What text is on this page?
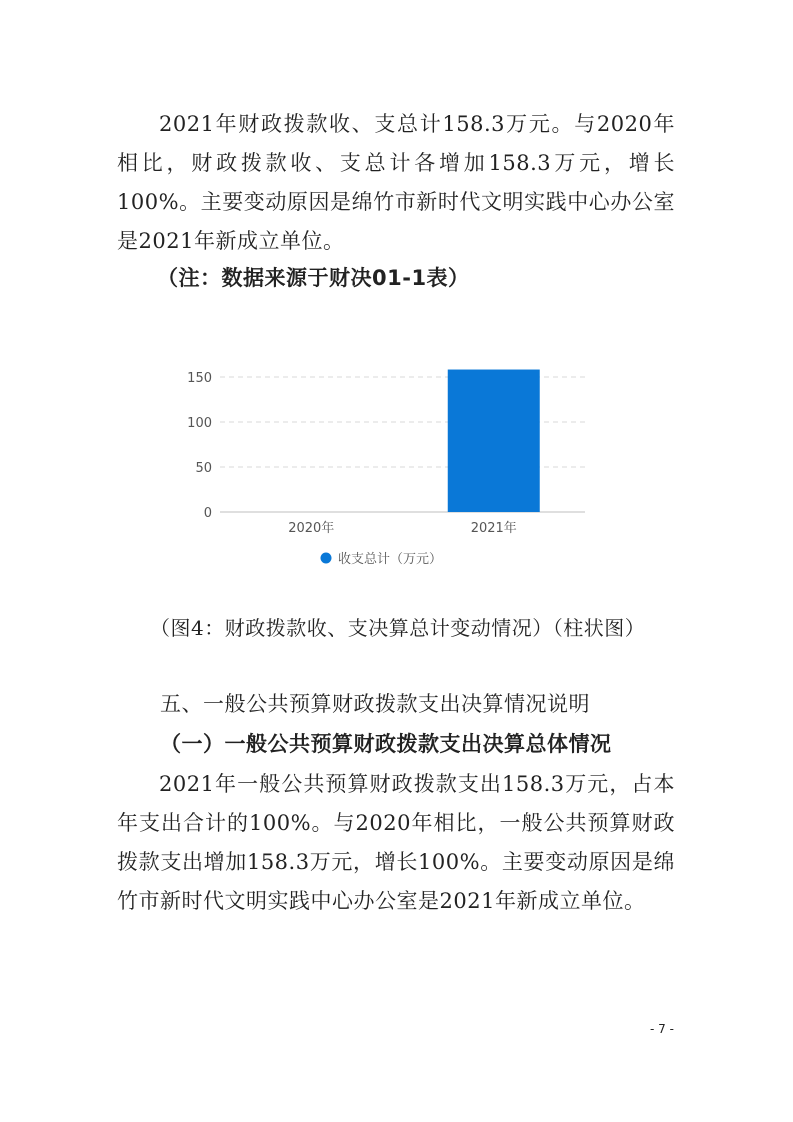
2021年财政拨款收、支总计158.3万元。与2020年相比，财政拨款收、支总计各增加158.3万元，增长100%。主要变动原因是绵竹市新时代文明实践中心办公室是2021年新成立单位。

（注：数据来源于财决01-1表）

0
50
100
150
2020年	2021年
收支总计（万元）

（图4：财政拨款收、支决算总计变动情况）（柱状图）

五、一般公共预算财政拨款支出决算情况说明
（一）一般公共预算财政拨款支出决算总体情况

2021年一般公共预算财政拨款支出158.3万元，占本年支出合计的100%。与2020年相比，一般公共预算财政拨款支出增加158.3万元，增长100%。主要变动原因是绵竹市新时代文明实践中心办公室是2021年新成立单位。

- 7 -
